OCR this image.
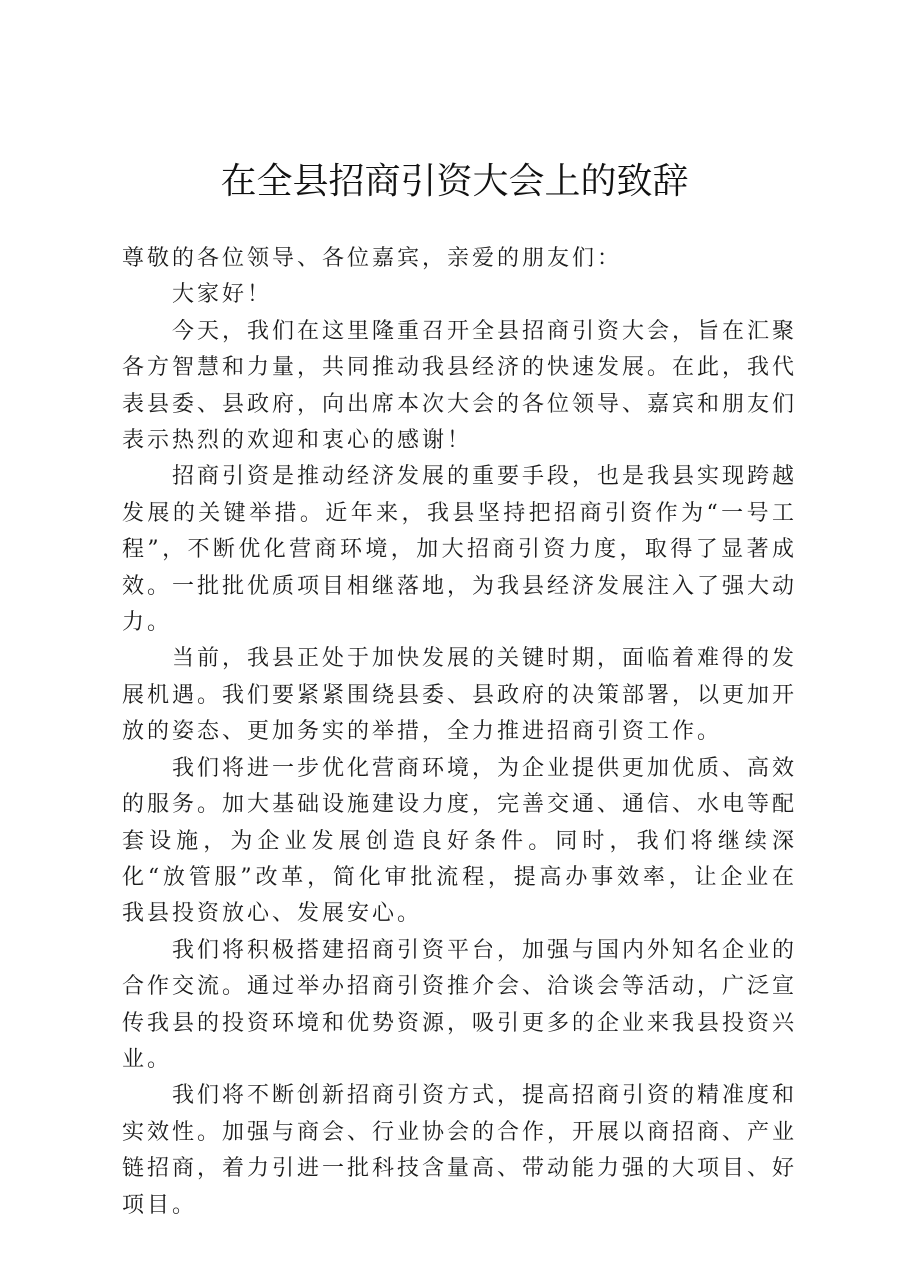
在全县招商引资大会上的致辞

尊敬的各位领导、各位嘉宾，亲爱的朋友们：

大家好！

今天，我们在这里隆重召开全县招商引资大会，旨在汇聚各方智慧和力量，共同推动我县经济的快速发展。在此，我代表县委、县政府，向出席本次大会的各位领导、嘉宾和朋友们表示热烈的欢迎和衷心的感谢！

招商引资是推动经济发展的重要手段，也是我县实现跨越发展的关键举措。近年来，我县坚持把招商引资作为“一号工程”，不断优化营商环境，加大招商引资力度，取得了显著成效。一批批优质项目相继落地，为我县经济发展注入了强大动力。

当前，我县正处于加快发展的关键时期，面临着难得的发展机遇。我们要紧紧围绕县委、县政府的决策部署，以更加开放的姿态、更加务实的举措，全力推进招商引资工作。

我们将进一步优化营商环境，为企业提供更加优质、高效的服务。加大基础设施建设力度，完善交通、通信、水电等配套设施，为企业发展创造良好条件。同时，我们将继续深化“放管服”改革，简化审批流程，提高办事效率，让企业在我县投资放心、发展安心。

我们将积极搭建招商引资平台，加强与国内外知名企业的合作交流。通过举办招商引资推介会、洽谈会等活动，广泛宣传我县的投资环境和优势资源，吸引更多的企业来我县投资兴业。

我们将不断创新招商引资方式，提高招商引资的精准度和实效性。加强与商会、行业协会的合作，开展以商招商、产业链招商，着力引进一批科技含量高、带动能力强的大项目、好项目。
